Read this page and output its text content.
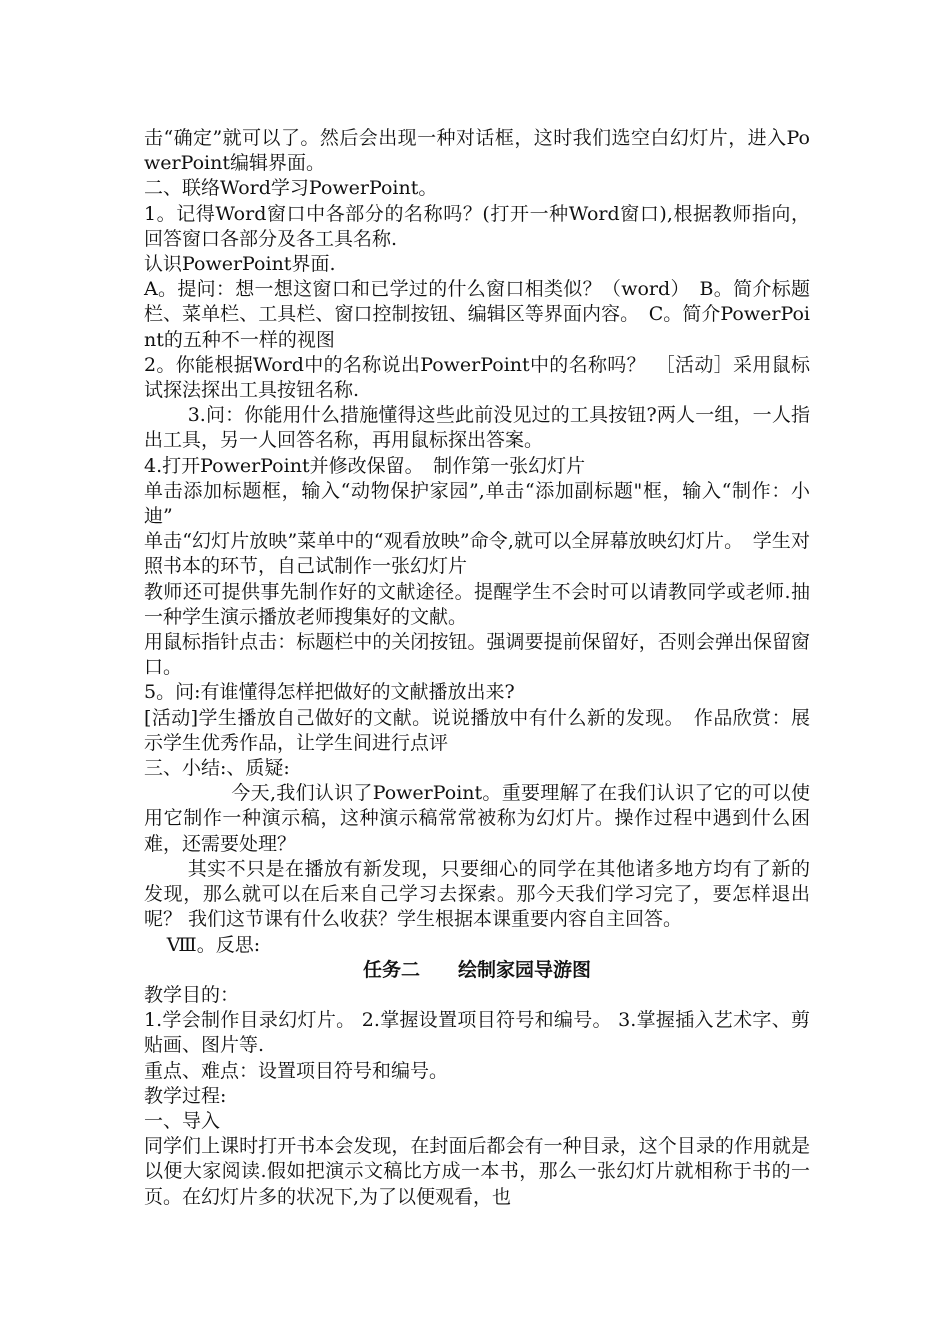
击“确定”就可以了。然后会出现一种对话框，这时我们选空白幻灯片，进入PowerPoint编辑界面。

二、联络Word学习PowerPoint。

1。记得Word窗口中各部分的名称吗？(打开一种Word窗口),根据教师指向，回答窗口各部分及各工具名称.

认识PowerPoint界面.

A。提问：想一想这窗口和已学过的什么窗口相类似？（word）　B。简介标题栏、菜单栏、工具栏、窗口控制按钮、编辑区等界面内容。　C。简介PowerPoint的五种不一样的视图

2。你能根据Word中的名称说出PowerPoint中的名称吗？　［活动］采用鼠标试探法探出工具按钮名称.

3.问：你能用什么措施懂得这些此前没见过的工具按钮?两人一组，一人指出工具，另一人回答名称，再用鼠标探出答案。

4.打开PowerPoint并修改保留。　制作第一张幻灯片

单击添加标题框，输入“动物保护家园”,单击“添加副标题"框，输入“制作：小迪”

单击“幻灯片放映”菜单中的“观看放映”命令,就可以全屏幕放映幻灯片。　学生对照书本的环节，自己试制作一张幻灯片

教师还可提供事先制作好的文献途径。提醒学生不会时可以请教同学或老师.抽一种学生演示播放老师搜集好的文献。

用鼠标指针点击：标题栏中的关闭按钮。强调要提前保留好，否则会弹出保留窗口。

5。问:有谁懂得怎样把做好的文献播放出来?

[活动]学生播放自己做好的文献。说说播放中有什么新的发现。　作品欣赏：展示学生优秀作品，让学生间进行点评

三、小结:、质疑:

今天,我们认识了PowerPoint。重要理解了在我们认识了它的可以使用它制作一种演示稿，这种演示稿常常被称为幻灯片。操作过程中遇到什么困难，还需要处理？

其实不只是在播放有新发现，只要细心的同学在其他诸多地方均有了新的发现，那么就可以在后来自己学习去探索。那今天我们学习完了，要怎样退出呢？ 我们这节课有什么收获？学生根据本课重要内容自主回答。

Ⅷ。反思:

任务二　　绘制家园导游图

教学目的：

1.学会制作目录幻灯片。 2.掌握设置项目符号和编号。 3.掌握插入艺术字、剪贴画、图片等.

重点、难点：设置项目符号和编号。

教学过程:

一、导入

同学们上课时打开书本会发现，在封面后都会有一种目录，这个目录的作用就是以便大家阅读.假如把演示文稿比方成一本书，那么一张幻灯片就相称于书的一页。在幻灯片多的状况下,为了以便观看，也
